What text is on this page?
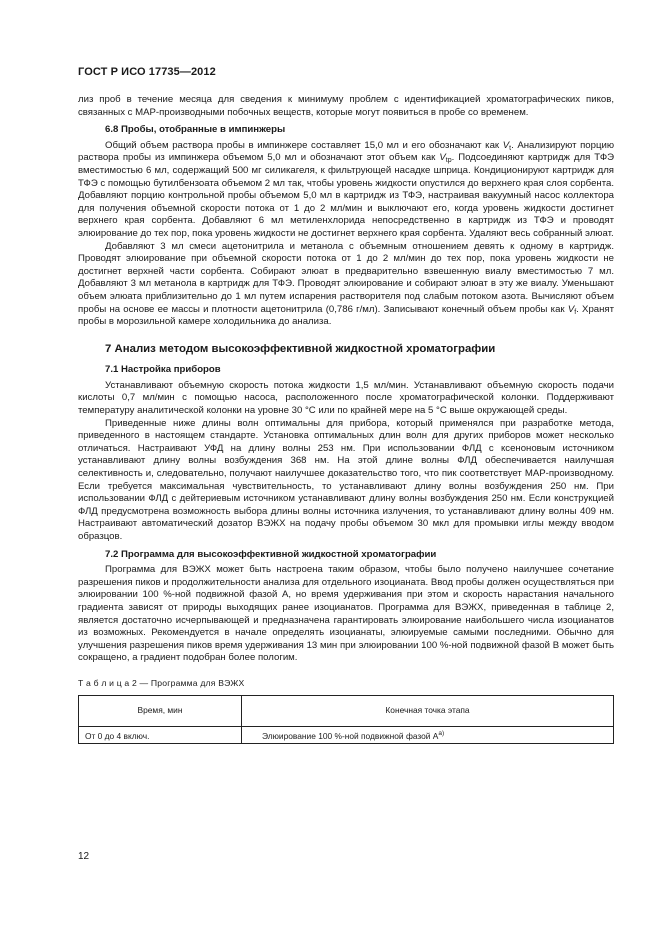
ГОСТ Р ИСО 17735—2012

лиз проб в течение месяца для сведения к минимуму проблем с идентификацией хроматографических пиков, связанных с MAP-производными побочных веществ, которые могут появиться в пробе со временем.

6.8 Пробы, отобранные в импинжеры

Общий объем раствора пробы в импинжере составляет 15,0 мл и его обозначают как $V_t$. Анализируют порцию раствора пробы из импинжера объемом 5,0 мл и обозначают этот объем как $V_{tp}$. Подсоединяют картридж для ТФЭ вместимостью 6 мл, содержащий 500 мг силикагеля, к фильтрующей насадке шприца. Кондиционируют картридж для ТФЭ с помощью бутилбензоата объемом 2 мл так, чтобы уровень жидкости опустился до верхнего края слоя сорбента. Добавляют порцию контрольной пробы объемом 5,0 мл в картридж из ТФЭ, настраивая вакуумный насос коллектора для получения объемной скорости потока от 1 до 2 мл/мин и выключают его, когда уровень жидкости достигнет верхнего края сорбента. Добавляют 6 мл метиленхлорида непосредственно в картридж из ТФЭ и проводят элюирование до тех пор, пока уровень жидкости не достигнет верхнего края сорбента. Удаляют весь собранный элюат.

Добавляют 3 мл смеси ацетонитрила и метанола с объемным отношением девять к одному в картридж. Проводят элюирование при объемной скорости потока от 1 до 2 мл/мин до тех пор, пока уровень жидкости не достигнет верхней части сорбента. Собирают элюат в предварительно взвешенную виалу вместимостью 7 мл. Добавляют 3 мл метанола в картридж для ТФЭ. Проводят элюирование и собирают элюат в эту же виалу. Уменьшают объем элюата приблизительно до 1 мл путем испарения растворителя под слабым потоком азота. Вычисляют объем пробы на основе ее массы и плотности ацетонитрила (0,786 г/мл). Записывают конечный объем пробы как $V_f$. Хранят пробы в морозильной камере холодильника до анализа.

7 Анализ методом высокоэффективной жидкостной хроматографии
7.1 Настройка приборов

Устанавливают объемную скорость потока жидкости 1,5 мл/мин. Устанавливают объемную скорость подачи кислоты 0,7 мл/мин с помощью насоса, расположенного после хроматографической колонки. Поддерживают температуру аналитической колонки на уровне 30 °С или по крайней мере на 5 °С выше окружающей среды.

Приведенные ниже длины волн оптимальны для прибора, который применялся при разработке метода, приведенного в настоящем стандарте. Установка оптимальных длин волн для других приборов может несколько отличаться. Настраивают УФД на длину волны 253 нм. При использовании ФЛД с ксеноновым источником устанавливают длину волны возбуждения 368 нм. На этой длине волны ФЛД обеспечивается наилучшая селективность и, следовательно, получают наилучшее доказательство того, что пик соответствует MAP-производному. Если требуется максимальная чувствительность, то устанавливают длину волны возбуждения 250 нм. При использовании ФЛД с дейтериевым источником устанавливают длину волны возбуждения 250 нм. Если конструкцией ФЛД предусмотрена возможность выбора длины волны источника излучения, то устанавливают длину волны 409 нм. Настраивают автоматический дозатор ВЭЖХ на подачу пробы объемом 30 мкл для промывки иглы между вводом образцов.

7.2 Программа для высокоэффективной жидкостной хроматографии

Программа для ВЭЖХ может быть настроена таким образом, чтобы было получено наилучшее сочетание разрешения пиков и продолжительности анализа для отдельного изоцианата. Ввод пробы должен осуществляться при элюировании 100 %-ной подвижной фазой А, но время удерживания при этом и скорость нарастания начального градиента зависят от природы выходящих ранее изоцианатов. Программа для ВЭЖХ, приведенная в таблице 2, является достаточно исчерпывающей и предназначена гарантировать элюирование наибольшего числа изоцианатов из возможных. Рекомендуется в начале определять изоцианаты, элюируемые самыми последними. Обычно для улучшения разрешения пиков время удерживания 13 мин при элюировании 100 %-ной подвижной фазой В может быть сокращено, а градиент подобран более пологим.

Т а б л и ц а 2 — Программа для ВЭЖХ
Время, мин	Конечная точка этапа
От 0 до 4 включ.	Элюирование 100 %-ной подвижной фазой $А^{а)}$
12
